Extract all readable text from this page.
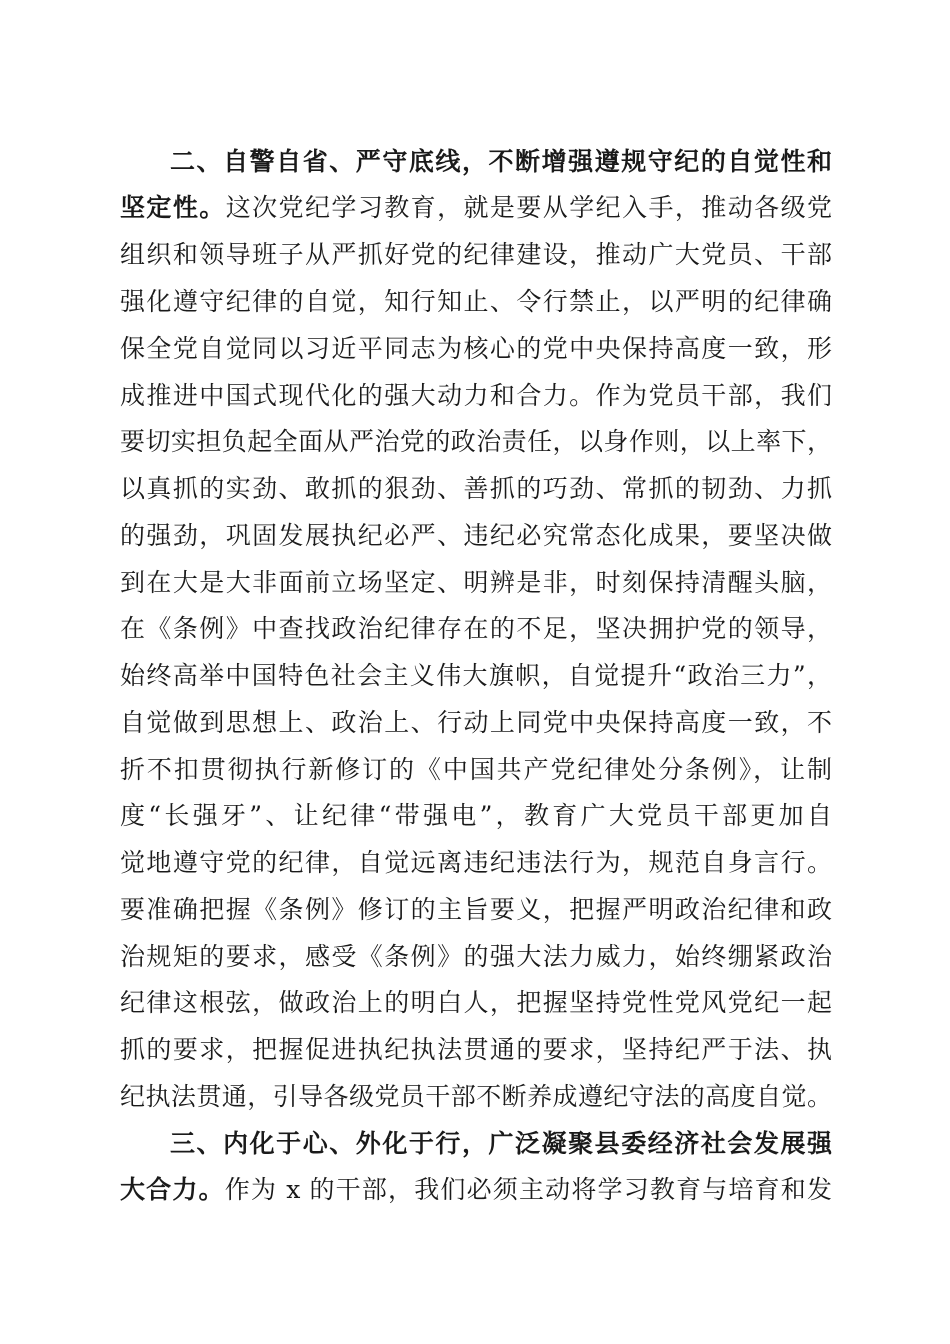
二、自警自省、严守底线，不断增强遵规守纪的自觉性和
坚定性。这次党纪学习教育，就是要从学纪入手，推动各级党
组织和领导班子从严抓好党的纪律建设，推动广大党员、干部
强化遵守纪律的自觉，知行知止、令行禁止，以严明的纪律确
保全党自觉同以习近平同志为核心的党中央保持高度一致，形
成推进中国式现代化的强大动力和合力。作为党员干部，我们
要切实担负起全面从严治党的政治责任，以身作则，以上率下，
以真抓的实劲、敢抓的狠劲、善抓的巧劲、常抓的韧劲、力抓
的强劲，巩固发展执纪必严、违纪必究常态化成果，要坚决做
到在大是大非面前立场坚定、明辨是非，时刻保持清醒头脑，
在《条例》中查找政治纪律存在的不足，坚决拥护党的领导，
始终高举中国特色社会主义伟大旗帜，自觉提升“政治三力”，
自觉做到思想上、政治上、行动上同党中央保持高度一致，不
折不扣贯彻执行新修订的《中国共产党纪律处分条例》，让制
度“长强牙”、让纪律“带强电”，教育广大党员干部更加自
觉地遵守党的纪律，自觉远离违纪违法行为，规范自身言行。
要准确把握《条例》修订的主旨要义，把握严明政治纪律和政
治规矩的要求，感受《条例》的强大法力威力，始终绷紧政治
纪律这根弦，做政治上的明白人，把握坚持党性党风党纪一起
抓的要求，把握促进执纪执法贯通的要求，坚持纪严于法、执
纪执法贯通，引导各级党员干部不断养成遵纪守法的高度自觉。
三、内化于心、外化于行，广泛凝聚县委经济社会发展强
大合力。作为 x 的干部，我们必须主动将学习教育与培育和发
